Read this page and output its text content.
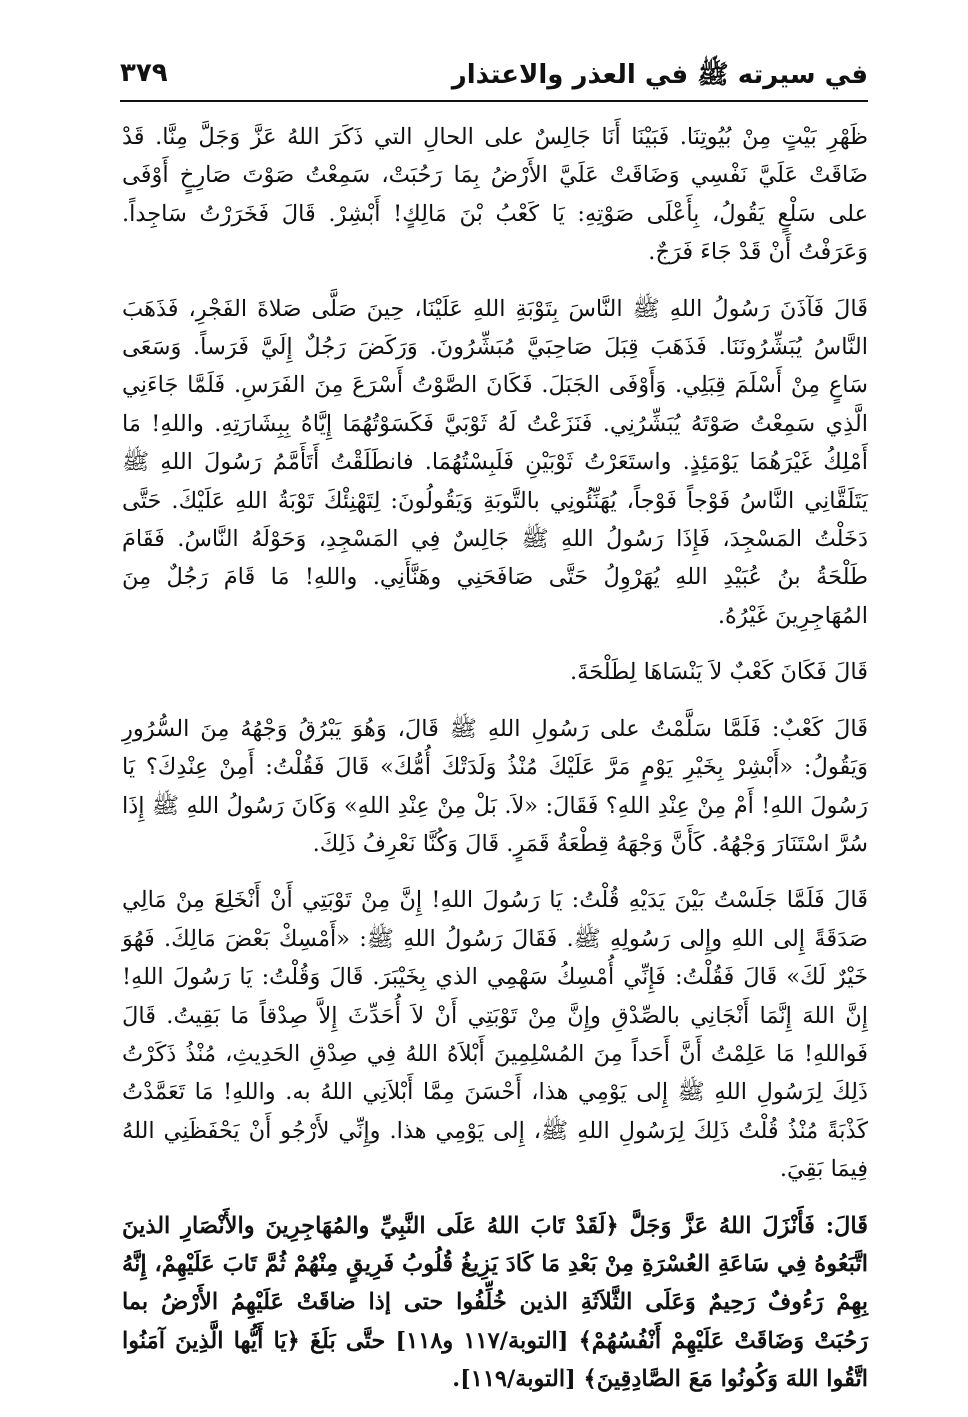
في سيرته ﷺ في العذر والاعتذار
٣٧٩

ظَهْرِ بَيْتٍ مِنْ بُيُوتِنَا. فَبَيْنَا أَنَا جَالِسٌ على الحالِ التي ذَكَرَ اللهُ عَزَّ وَجَلَّ مِنَّا. قَدْ ضَاقَتْ عَلَيَّ نَفْسِي وَضَاقَتْ عَلَيَّ الأَرْضُ بِمَا رَحُبَتْ، سَمِعْتُ صَوْتَ صَارِخٍ أَوْفَى على سَلْعٍ يَقُولُ، بِأَعْلَى صَوْتِهِ: يَا كَعْبُ بْنَ مَالِكٍ! أَبْشِرْ. قَالَ فَخَرَرْتُ سَاجِداً. وَعَرَفْتُ أَنْ قَدْ جَاءَ فَرَجٌ.

قَالَ فَآذَنَ رَسُولُ اللهِ ﷺ النَّاسَ بِتَوْبَةِ اللهِ عَلَيْنَا، حِينَ صَلَّى صَلاةَ الفَجْرِ، فَذَهَبَ النَّاسُ يُبَشِّرُونَنَا. فَذَهَبَ قِبَلَ صَاحِبَيَّ مُبَشِّرُونَ. وَرَكَضَ رَجُلٌ إِلَيَّ فَرَساً. وَسَعَى سَاعٍ مِنْ أَسْلَمَ قِبَلِي. وَأَوْفَى الجَبَلَ. فَكَانَ الصَّوْتُ أَسْرَعَ مِنَ الفَرَسِ. فَلَمَّا جَاءَنِي الَّذِي سَمِعْتُ صَوْتَهُ يُبَشِّرُنِي. فَنَزَعْتُ لَهُ ثَوْبَيَّ فَكَسَوْتُهُمَا إِيَّاهُ بِبِشَارَتِهِ. واللهِ! مَا أَمْلِكُ غَيْرَهُمَا يَوْمَئِذٍ. واستَعَرْتُ ثَوْبَيْنِ فَلَبِسْتُهُمَا. فانطَلَقْتُ أَتَأَمَّمُ رَسُولَ اللهِ ﷺ يَتَلَقَّانِي النَّاسُ فَوْجاً فَوْجاً، يُهَنِّئُونِي بالتَّوبَةِ وَيَقُولُونَ: لِتَهْنِئْكَ تَوْبَةُ اللهِ عَلَيْكَ. حَتَّى دَخَلْتُ المَسْجِدَ، فَإِذَا رَسُولُ اللهِ ﷺ جَالِسٌ فِي المَسْجِدِ، وَحَوْلَهُ النَّاسُ. فَقَامَ طَلْحَةُ بنُ عُبَيْدِ اللهِ يُهَرْوِلُ حَتَّى صَافَحَنِي وهَنَّأَنِي. واللهِ! مَا قَامَ رَجُلٌ مِنَ المُهَاجِرِينَ غَيْرُهُ.

قَالَ فَكَانَ كَعْبٌ لاَ يَنْسَاهَا لِطَلْحَةَ.

قَالَ كَعْبٌ: فَلَمَّا سَلَّمْتُ على رَسُولِ اللهِ ﷺ قَالَ، وَهُوَ يَبْرُقُ وَجْهُهُ مِنَ السُّرُورِ وَيَقُولُ: «أَبْشِرْ بِخَيْرِ يَوْمٍ مَرَّ عَلَيْكَ مُنْذُ وَلَدَتْكَ أُمُّكَ» قَالَ فَقُلْتُ: أَمِنْ عِنْدِكَ؟ يَا رَسُولَ اللهِ! أَمْ مِنْ عِنْدِ اللهِ؟ فَقَالَ: «لاَ. بَلْ مِنْ عِنْدِ اللهِ» وَكَانَ رَسُولُ اللهِ ﷺ إِذَا سُرَّ اسْتَنَارَ وَجْهُهُ. كَأَنَّ وَجْهَهُ قِطْعَةُ قَمَرٍ. قَالَ وَكُنَّا نَعْرِفُ ذَلِكَ.

قَالَ فَلَمَّا جَلَسْتُ بَيْنَ يَدَيْهِ قُلْتُ: يَا رَسُولَ اللهِ! إِنَّ مِنْ تَوْبَتِي أَنْ أَنْخَلِعَ مِنْ مَالِي صَدَقَةً إِلى اللهِ وإِلى رَسُولِهِ ﷺ. فَقَالَ رَسُولُ اللهِ ﷺ: «أَمْسِكْ بَعْضَ مَالِكَ. فَهُوَ خَيْرٌ لَكَ» قَالَ فَقُلْتُ: فَإِنِّي أُمْسِكُ سَهْمِي الذي بِخَيْبَرَ. قَالَ وَقُلْتُ: يَا رَسُولَ اللهِ! إِنَّ اللهَ إِنَّمَا أَنْجَانِي بالصِّدْقِ وإِنَّ مِنْ تَوْبَتِي أَنْ لاَ أُحَدِّثَ إِلاَّ صِدْقاً مَا بَقِيتُ. قَالَ فَواللهِ! مَا عَلِمْتُ أَنَّ أَحَداً مِنَ المُسْلِمِينَ أَبْلاَهُ اللهُ فِي صِدْقِ الحَدِيثِ، مُنْذُ ذَكَرْتُ ذَلِكَ لِرَسُولِ اللهِ ﷺ إِلى يَوْمِي هذا، أَحْسَنَ مِمَّا أَبْلاَنِي اللهُ به. واللهِ! مَا تَعَمَّدْتُ كَذْبَةً مُنْذُ قُلْتُ ذَلِكَ لِرَسُولِ اللهِ ﷺ، إِلى يَوْمِي هذا. وإِنِّي لأَرْجُو أَنْ يَحْفَظَنِي اللهُ فِيمَا بَقِيَ.

قَالَ: فَأَنْزَلَ اللهُ عَزَّ وَجَلَّ ﴿لَقَدْ تَابَ اللهُ عَلَى النَّبِيِّ والمُهَاجِرِينَ والأَنْصَارِ الذينَ اتَّبَعُوهُ فِي سَاعَةِ العُسْرَةِ مِنْ بَعْدِ مَا كَادَ يَزِيغُ قُلُوبُ فَرِيقٍ مِنْهُمْ ثُمَّ تَابَ عَلَيْهِمْ، إِنَّهُ بِهِمْ رَءُوفٌ رَحِيمٌ وَعَلَى الثَّلاَثَةِ الذين خُلِّفُوا حتى إذا ضاقَتْ عَلَيْهِمُ الأَرْضُ بما رَحُبَتْ وَضَاقَتْ عَلَيْهِمْ أَنْفُسُهُمْ﴾ [التوبة/١١٧ و١١٨] حتَّى بَلَغَ ﴿يَا أَيُّها الَّذِينَ آمَنُوا اتَّقُوا اللهَ وَكُونُوا مَعَ الصَّادِقِينَ﴾ [التوبة/١١٩].
